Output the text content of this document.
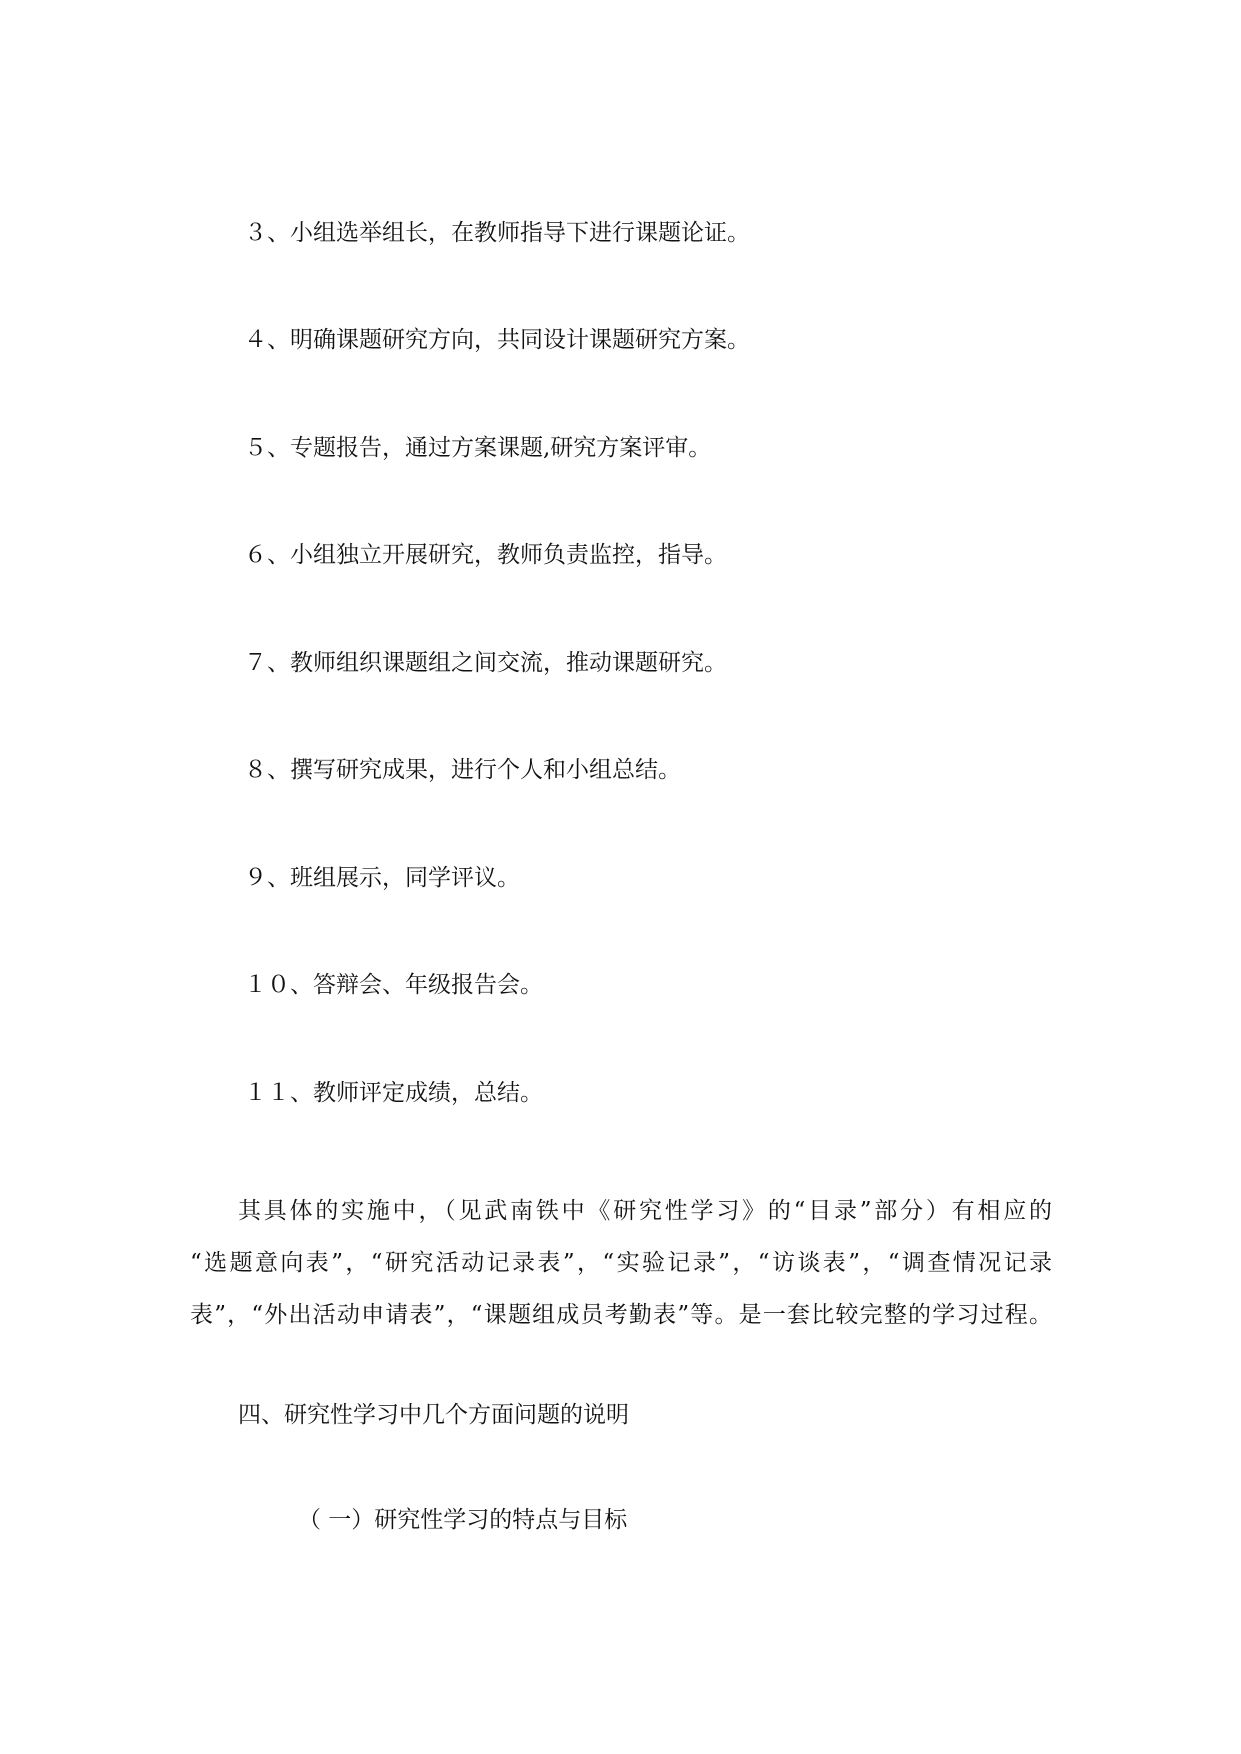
３、小组选举组长，在教师指导下进行课题论证。
４、明确课题研究方向，共同设计课题研究方案。
５、专题报告，通过方案课题,研究方案评审。
６、小组独立开展研究，教师负责监控，指导。
７、教师组织课题组之间交流，推动课题研究。
８、撰写研究成果，进行个人和小组总结。
９、班组展示，同学评议。
１０、答辩会、年级报告会。
１１、教师评定成绩，总结。
其具体的实施中，（见武南铁中《研究性学习》的“目录”部分）有相应的
“选题意向表”，“研究活动记录表”，“实验记录”，“访谈表”，“调查情况记录
表”，“外出活动申请表”，“课题组成员考勤表”等。是一套比较完整的学习过程。
四、研究性学习中几个方面问题的说明
（ 一）研究性学习的特点与目标
